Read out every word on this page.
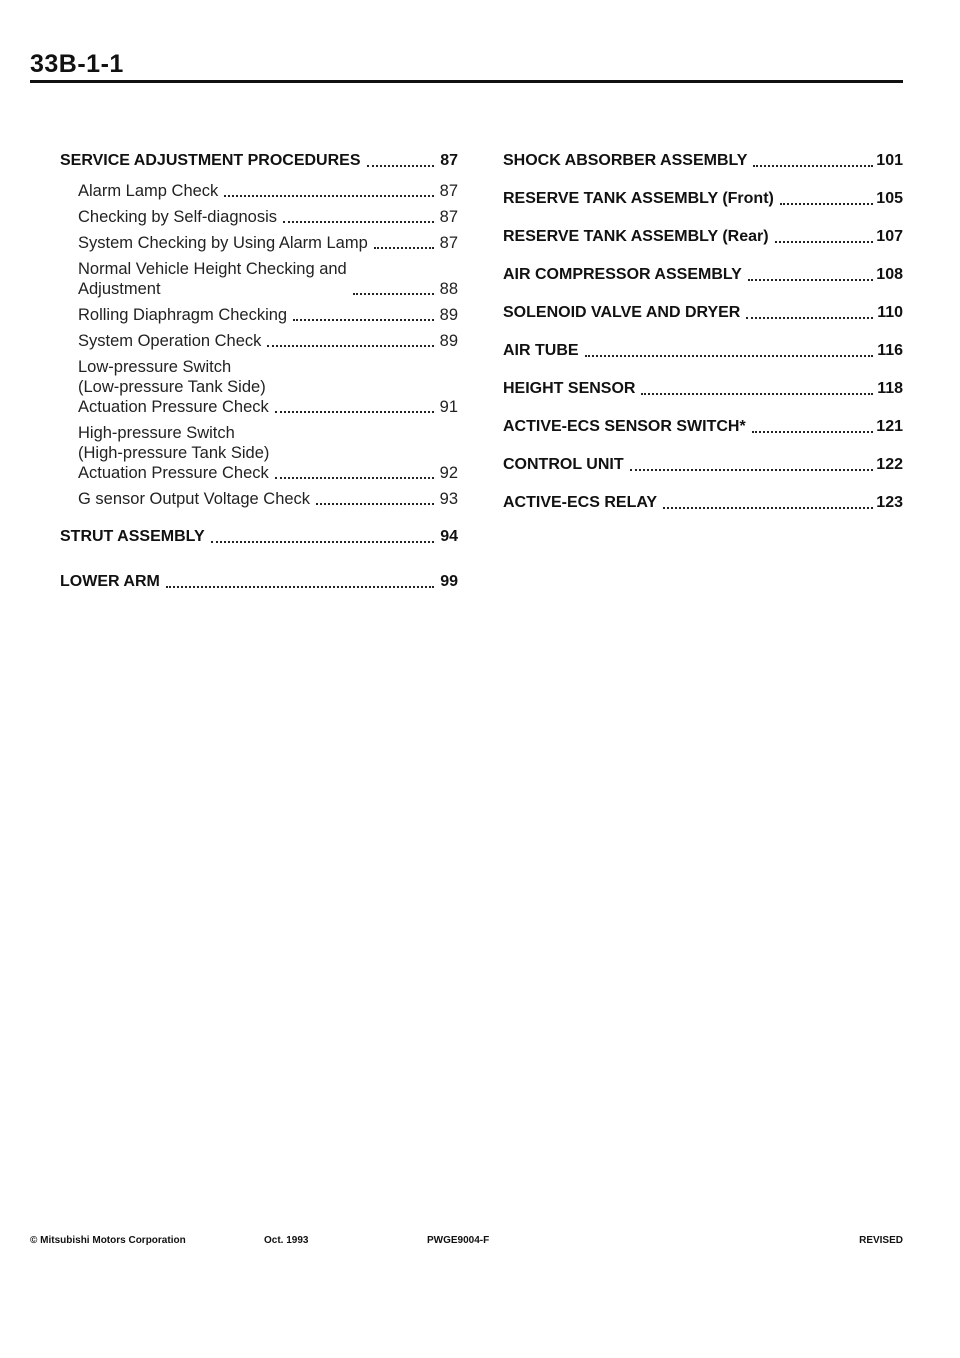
33B-1-1
SERVICE ADJUSTMENT PROCEDURES	87
Alarm Lamp Check	87
Checking by Self-diagnosis	87
System Checking by Using Alarm Lamp	87
Normal Vehicle Height Checking and
Adjustment	88
Rolling Diaphragm Checking	89
System Operation Check	89
Low-pressure Switch
(Low-pressure Tank Side)
Actuation Pressure Check	91
High-pressure Switch
(High-pressure Tank Side)
Actuation Pressure Check	92
G sensor Output Voltage Check	93
STRUT ASSEMBLY	94
LOWER ARM	99
SHOCK ABSORBER ASSEMBLY	101
RESERVE TANK ASSEMBLY (Front)	105
RESERVE TANK ASSEMBLY (Rear)	107
AIR COMPRESSOR ASSEMBLY	108
SOLENOID VALVE AND DRYER	110
AIR TUBE	116
HEIGHT SENSOR	118
ACTIVE-ECS SENSOR SWITCH*	121
CONTROL UNIT	122
ACTIVE-ECS RELAY	123
© Mitsubishi Motors Corporation	Oct. 1993	PWGE9004-F	REVISED
